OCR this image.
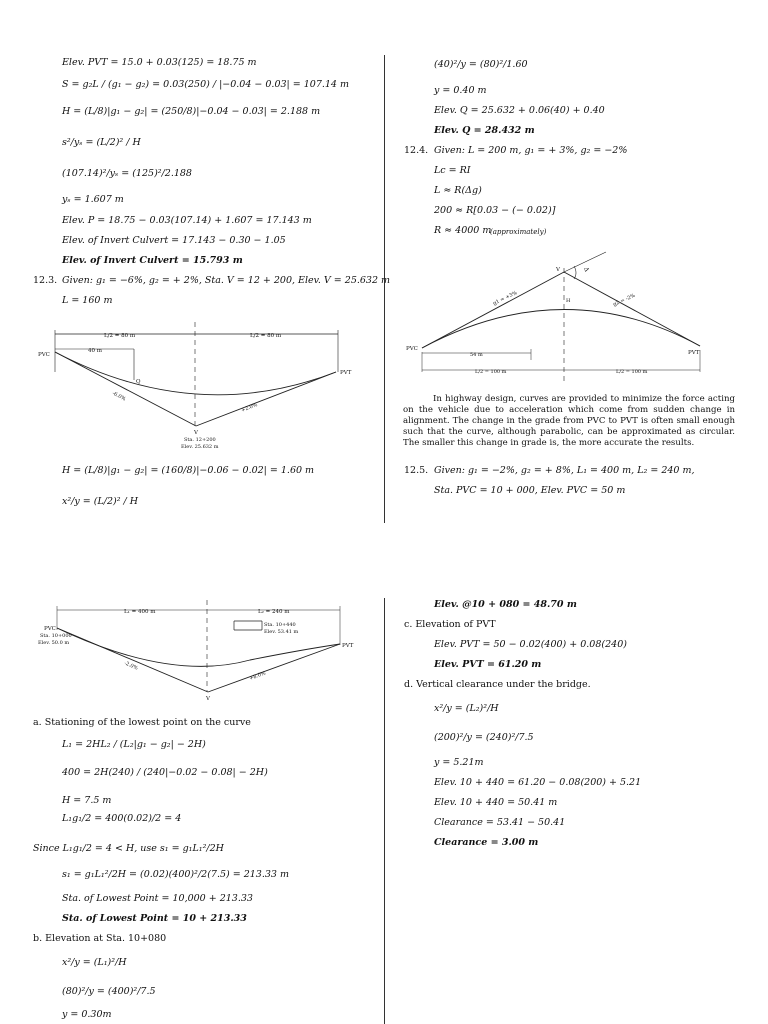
Elev. PVT = 15.0 + 0.03(125) = 18.75 m
S = g₂L / (g₁ − g₂) = 0.03(250) / |−0.04 − 0.03| = 107.14 m
H = (L/8)|g₁ − g₂| = (250/8)|−0.04 − 0.03| = 2.188 m
s²/yₛ = (L/2)² / H
(107.14)²/yₛ = (125)²/2.188
yₛ = 1.607 m
Elev. P = 18.75 − 0.03(107.14) + 1.607 = 17.143 m
Elev. of Invert Culvert = 17.143 − 0.30 − 1.05
Elev. of Invert Culvert = 15.793 m
12.3. Given: g₁ = −6%, g₂ = + 2%, Sta. V = 12 + 200, Elev. V = 25.632 m
L = 160 m
L/2 = 80 m	L/2 = 80 m
40 m
PVC
PVT
Q
V
-6.0%
+2.0%
Sta. 12+200
Elev. 25.632 m
H = (L/8)|g₁ − g₂| = (160/8)|−0.06 − 0.02| = 1.60 m
x²/y = (L/2)² / H
(40)²/y = (80)²/1.60
y = 0.40 m
Elev. Q = 25.632 + 0.06(40) + 0.40
Elev. Q = 28.432 m
12.4. Given: L = 200 m, g₁ = + 3%, g₂ = −2%
Lc = RI
L ≈ R(Δg)
200 ≈ R[0.03 − (− 0.02)]
R ≈ 4000 m
(approximately)
V
H
g1 = +3%	g2 = -2%
Δ
PVC
PVT
54 m
L/2 = 100 m	L/2 = 100 m
In highway design, curves are provided to minimize the force acting on the vehicle due to acceleration which come from sudden change in alignment. The change in the grade from PVC to PVT is often small enough such that the curve, although parabolic, can be approximated as circular. The smaller this change in grade is, the more accurate the results.
12.5. Given: g₁ = −2%, g₂ = + 8%, L₁ = 400 m, L₂ = 240 m,
Sta. PVC = 10 + 000, Elev. PVC = 50 m
L₁ = 400 m	L₂ = 240 m
PVC
Sta. 10+000
Elev. 50.0 m	PVT
V
-2.0%
+8.0%
Sta. 10+440
Elev. 53.41 m
a. Stationing of the lowest point on the curve
L₁ = 2HL₂ / (L₂|g₁ − g₂| − 2H)
400 = 2H(240) / (240|−0.02 − 0.08| − 2H)
H = 7.5 m
L₁g₁/2 = 400(0.02)/2 = 4
Since L₁g₁/2 = 4 < H, use s₁ = g₁L₁²/2H
s₁ = g₁L₁²/2H = (0.02)(400)²/2(7.5) = 213.33 m
Sta. of Lowest Point = 10,000 + 213.33
Sta. of Lowest Point = 10 + 213.33
b. Elevation at Sta. 10+080
x²/y = (L₁)²/H
(80)²/y = (400)²/7.5
y = 0.30m
Elev. @10 + 080 = 48.70 m
c. Elevation of PVT
Elev. PVT = 50 − 0.02(400) + 0.08(240)
Elev. PVT = 61.20 m
d. Vertical clearance under the bridge.
x²/y = (L₂)²/H
(200)²/y = (240)²/7.5
y = 5.21m
Elev. 10 + 440 = 61.20 − 0.08(200) + 5.21
Elev. 10 + 440 = 50.41 m
Clearance = 53.41 − 50.41
Clearance = 3.00 m
